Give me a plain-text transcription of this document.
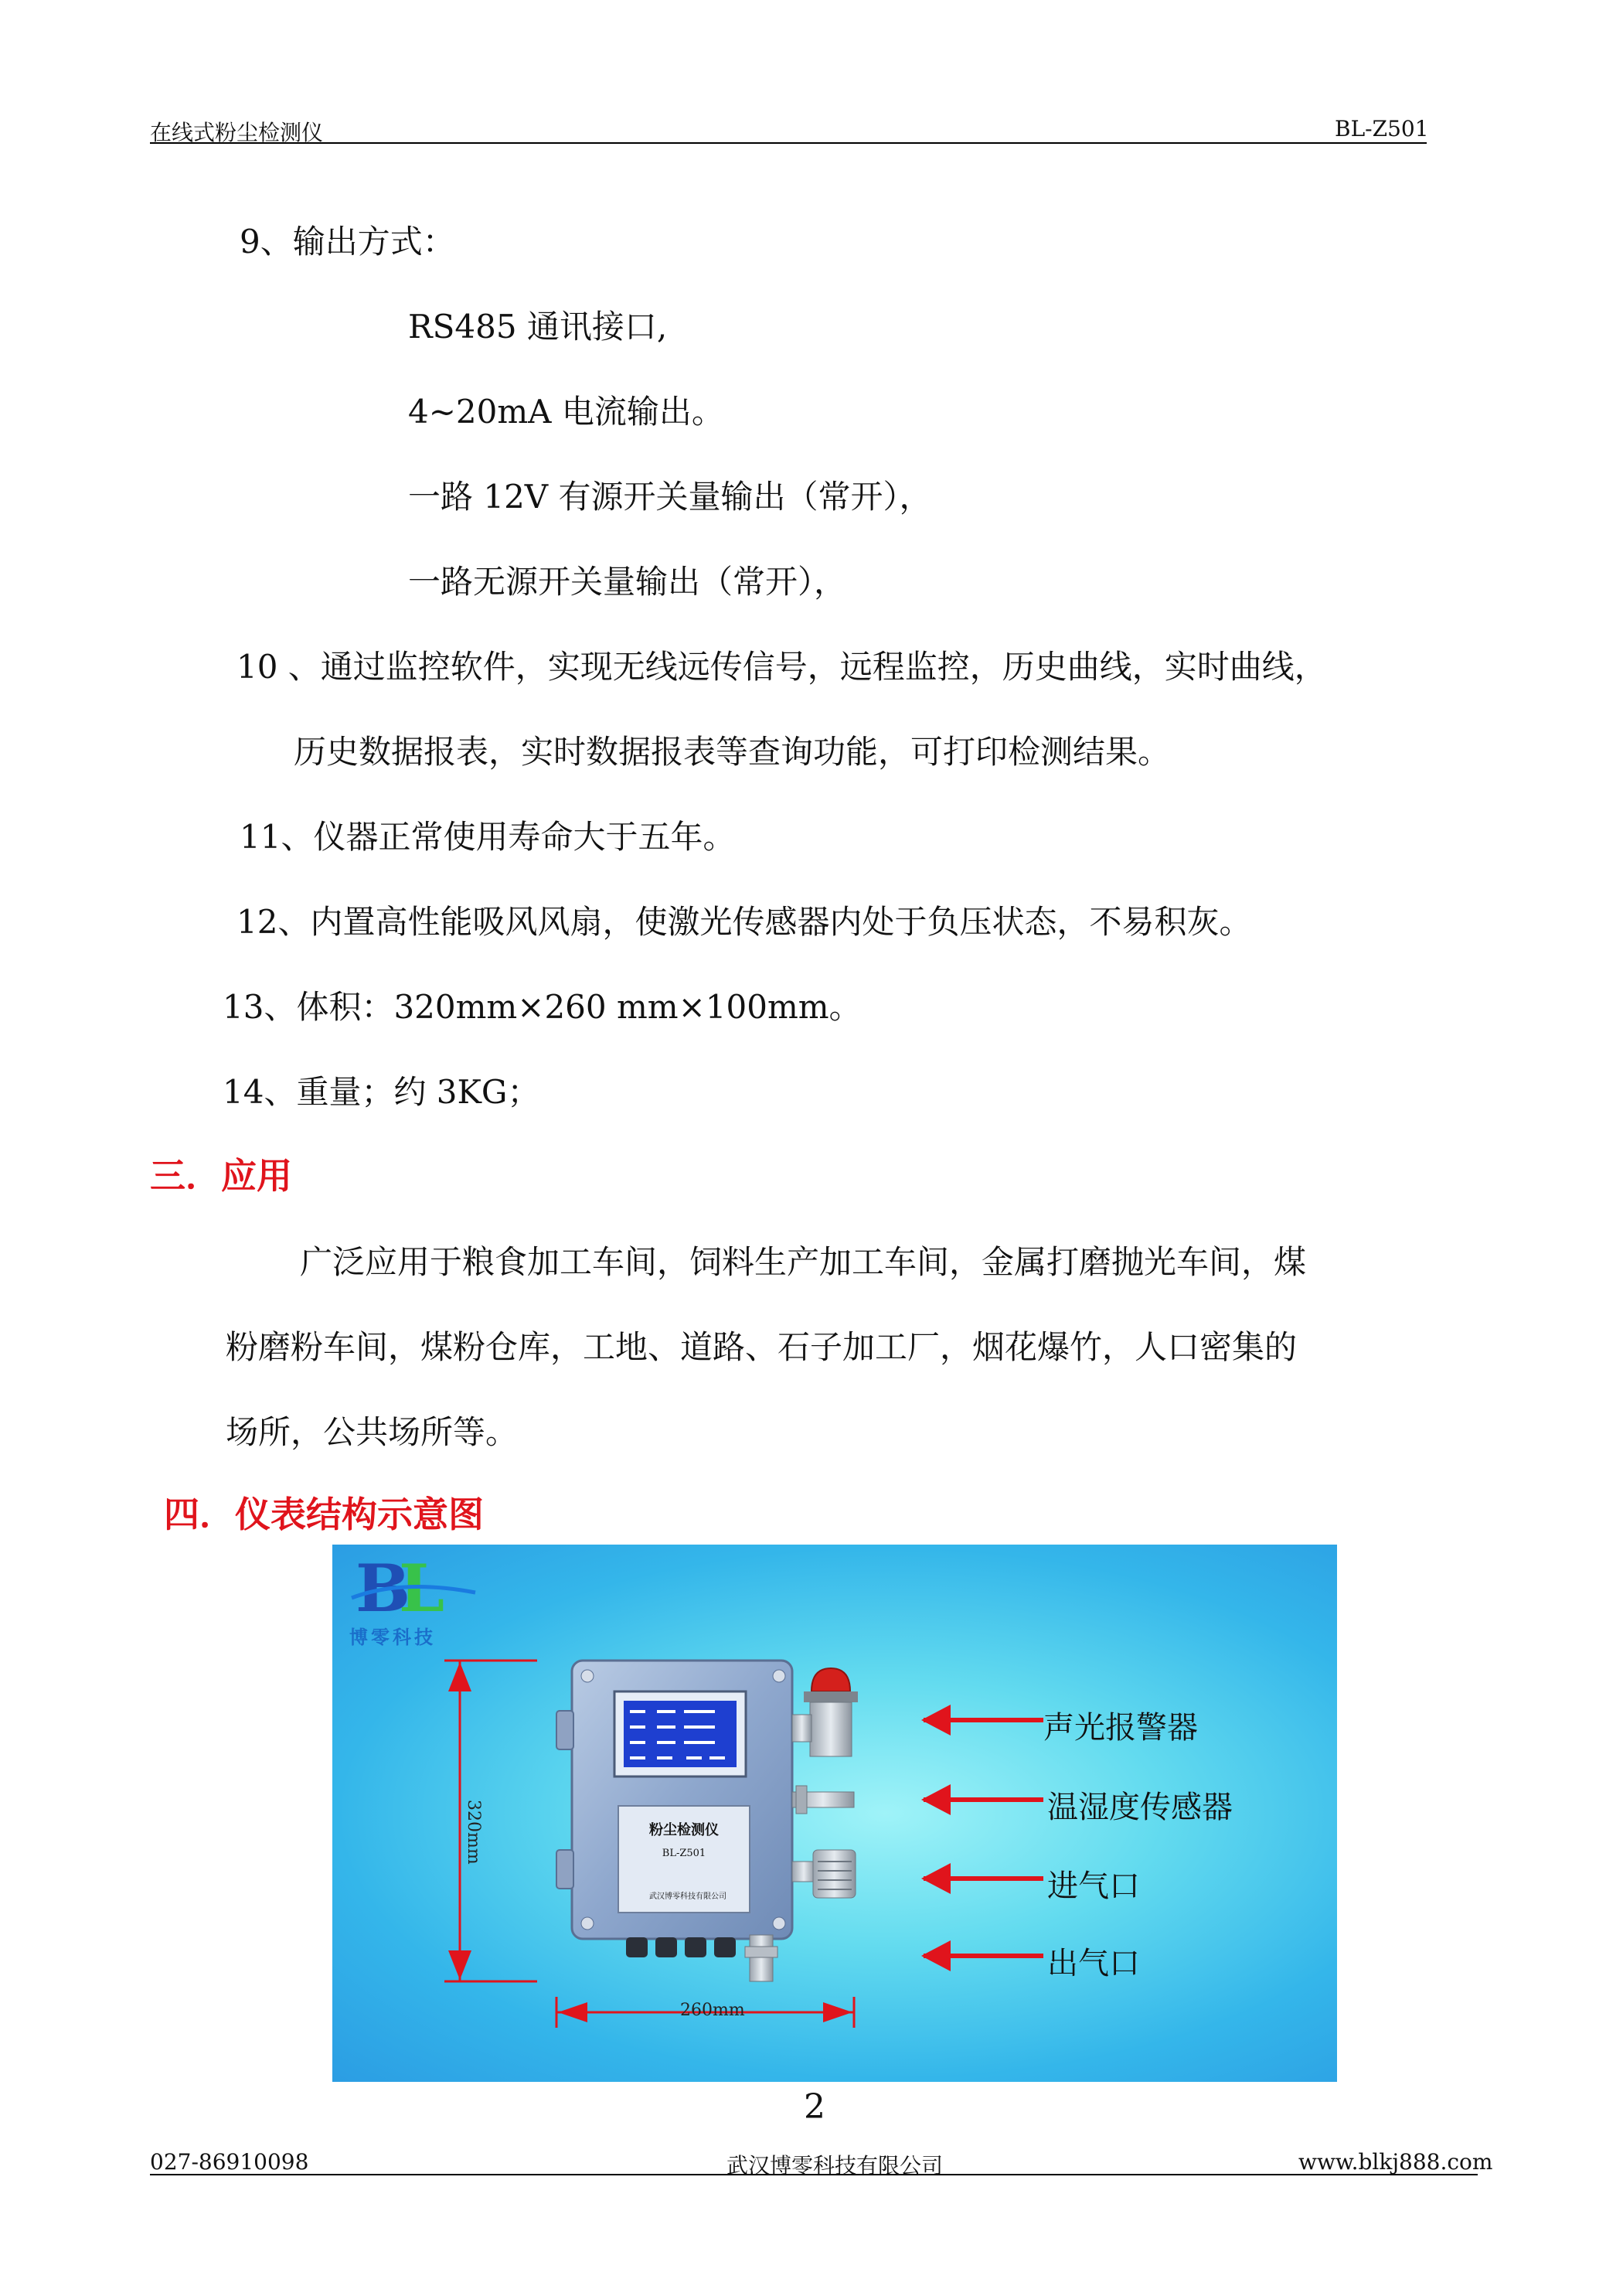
在线式粉尘检测仪	BL-Z501
9、输出方式：
RS485 通讯接口,
4~20mA 电流输出。
一路 12V 有源开关量输出（常开），
一路无源开关量输出（常开），
10 、通过监控软件，实现无线远传信号，远程监控，历史曲线，实时曲线，
历史数据报表，实时数据报表等查询功能，可打印检测结果。
11、仪器正常使用寿命大于五年。
12、内置高性能吸风风扇，使激光传感器内处于负压状态，不易积灰。
13、体积：320mm×260 mm×100mm。
14、重量；约 3KG；
三．应用
广泛应用于粮食加工车间，饲料生产加工车间，金属打磨抛光车间，煤
粉磨粉车间，煤粉仓库，工地、道路、石子加工厂，烟花爆竹，人口密集的
场所，公共场所等。
四．仪表结构示意图
B
L
博零科技
粉尘检测仪
BL-Z501
武汉博零科技有限公司
320mm
260mm
声光报警器
温湿度传感器
进气口
出气口
2
027-86910098	武汉博零科技有限公司	www.blkj888.com
